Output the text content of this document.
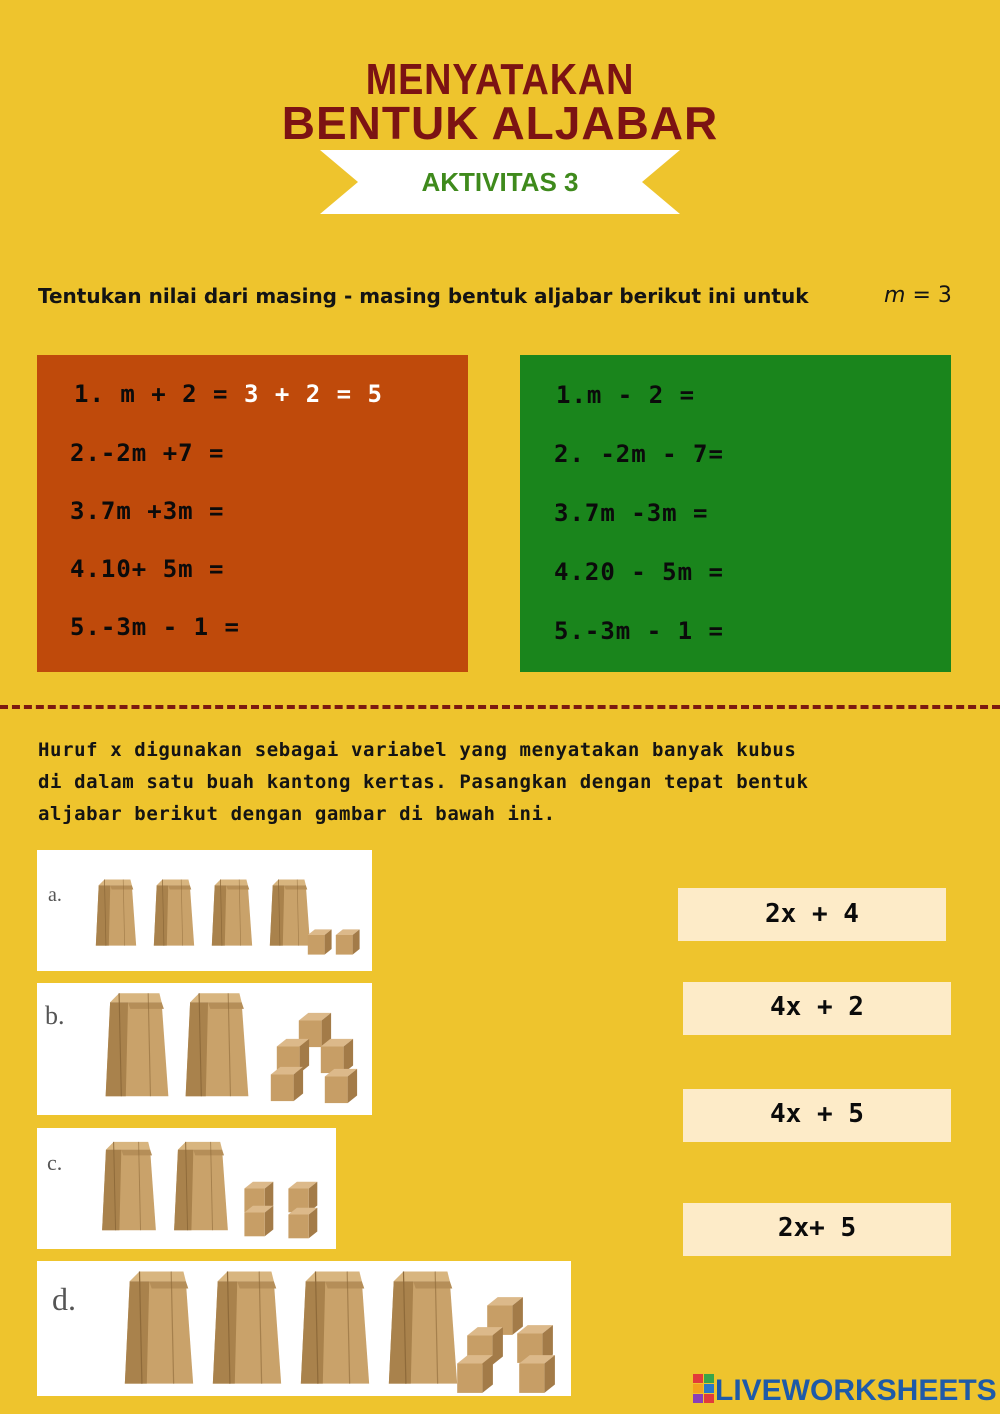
MENYATAKAN
BENTUK ALJABAR
AKTIVITAS 3
Tentukan nilai dari masing - masing bentuk aljabar berikut ini untuk	m = 3
1. m + 2 = 3 + 2 = 5
2.-2m +7 =
3.7m +3m =
4.10+ 5m =
5.-3m - 1 =
1.m - 2 =
2. -2m - 7=
3.7m -3m =
4.20 - 5m =
5.-3m - 1 =
Huruf x digunakan sebagai variabel yang menyatakan banyak kubus
di dalam satu buah kantong kertas. Pasangkan dengan tepat bentuk
aljabar berikut dengan gambar di bawah ini.
a.
b.
c.
d.
2x + 4
4x + 2
4x + 5
2x+ 5
LIVEWORKSHEETS
